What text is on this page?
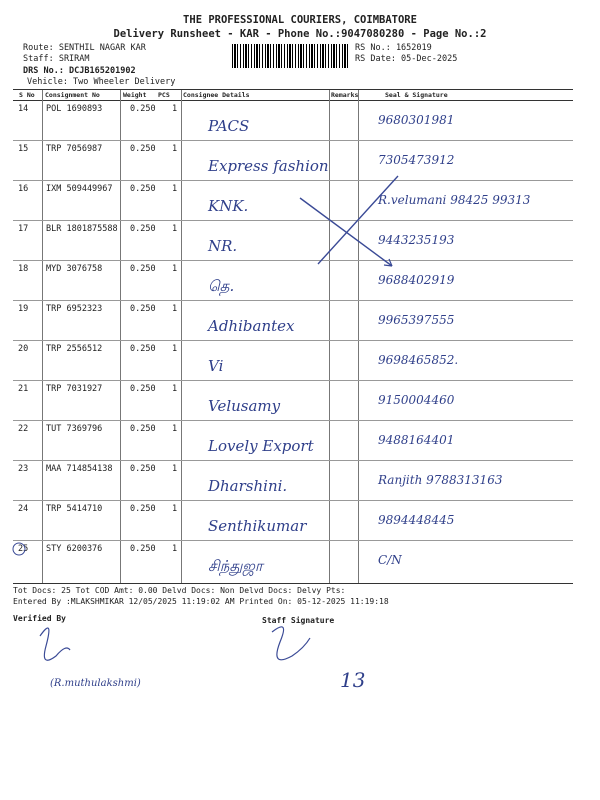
THE PROFESSIONAL COURIERS, COIMBATORE
Delivery Runsheet - KAR - Phone No.:9047080280 - Page No.:2
Route: SENTHIL NAGAR KAR
Staff: SRIRAM
DRS No.: DCJB165201902
Vehicle: Two Wheeler Delivery
RS No.: 1652019
RS Date: 05-Dec-2025
S No Consignment No	Weight PCS Consignee Details	Remarks	Seal & Signature
14 POL 1690893	0.250 1
PACS	9680301981
15 TRP 7056987	0.250 1
Express fashion	7305473912
16 IXM 509449967 0.250 1
KNK.	R.velumani 98425 99313
17 BLR 1801875588 0.250 1
NR.	9443235193
18 MYD 3076758	0.250 1
தெ.	9688402919
19 TRP 6952323	0.250 1
Adhibantex	9965397555
20 TRP 2556512	0.250 1
Vi	9698465852.
21 TRP 7031927	0.250 1
Velusamy	9150004460
22 TUT 7369796	0.250 1
Lovely Export	9488164401
23 MAA 714854138 0.250 1
Dharshini.	Ranjith 9788313163
24 TRP 5414710	0.250 1
Senthikumar	9894448445
25 STY 6200376	0.250 1
சிந்துஜா	C/N
Tot Docs: 25 Tot COD Amt: 0.00 Delvd Docs: Non Delvd Docs: Delvy Pts:
Entered By :MLAKSHMIKAR 12/05/2025 11:19:02 AM Printed On: 05-12-2025 11:19:18
Verified By	Staff Signature
(R.muthulakshmi)	13
